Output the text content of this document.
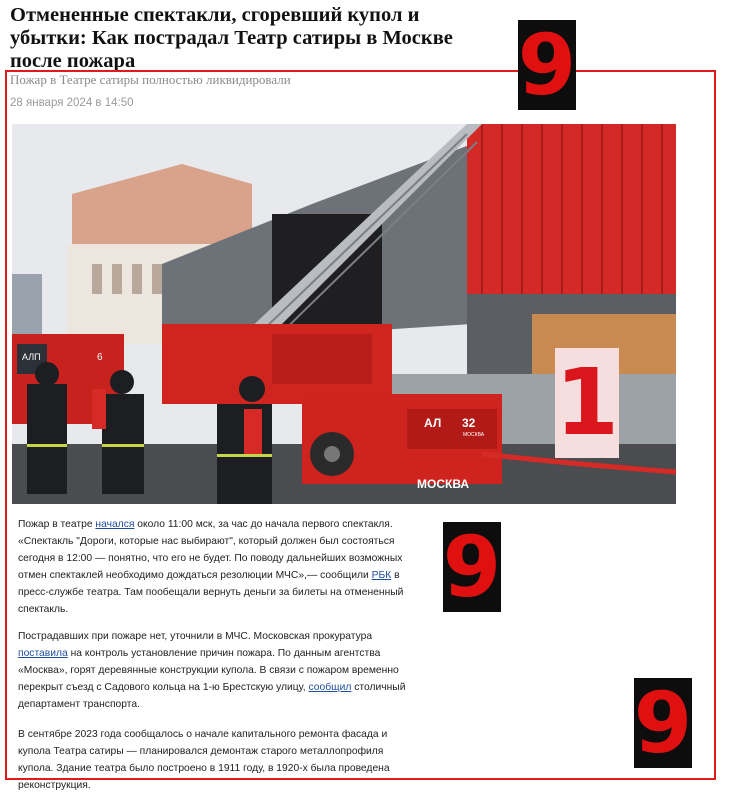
Отмененные спектакли, сгоревший купол и убытки: Как пострадал Театр сатиры в Москве после пожара
Пожар в Театре сатиры полностью ликвидировали
28 января 2024 в 14:50
АЛП	6
АЛ 32
МОСКВА
МОСКВА
1

Пожар в театре начался около 11:00 мск, за час до начала первого спектакля. «Спектакль "Дороги, которые нас выбирают", который должен был состояться сегодня в 12:00 — понятно, что его не будет. По поводу дальнейших возможных отмен спектаклей необходимо дождаться резолюции МЧС»,— сообщили РБК в пресс-службе театра. Там пообещали вернуть деньги за билеты на отмененный спектакль.

Пострадавших при пожаре нет, уточнили в МЧС. Московская прокуратура поставила на контроль установление причин пожара. По данным агентства «Москва», горят деревянные конструкции купола. В связи с пожаром временно перекрыт съезд с Садового кольца на 1-ю Брестскую улицу, сообщил столичный департамент транспорта.

В сентябре 2023 года сообщалось о начале капитального ремонта фасада и купола Театра сатиры — планировался демонтаж старого металлопрофиля купола. Здание театра было построено в 1911 году, в 1920-х была проведена реконструкция.

9
9
9
